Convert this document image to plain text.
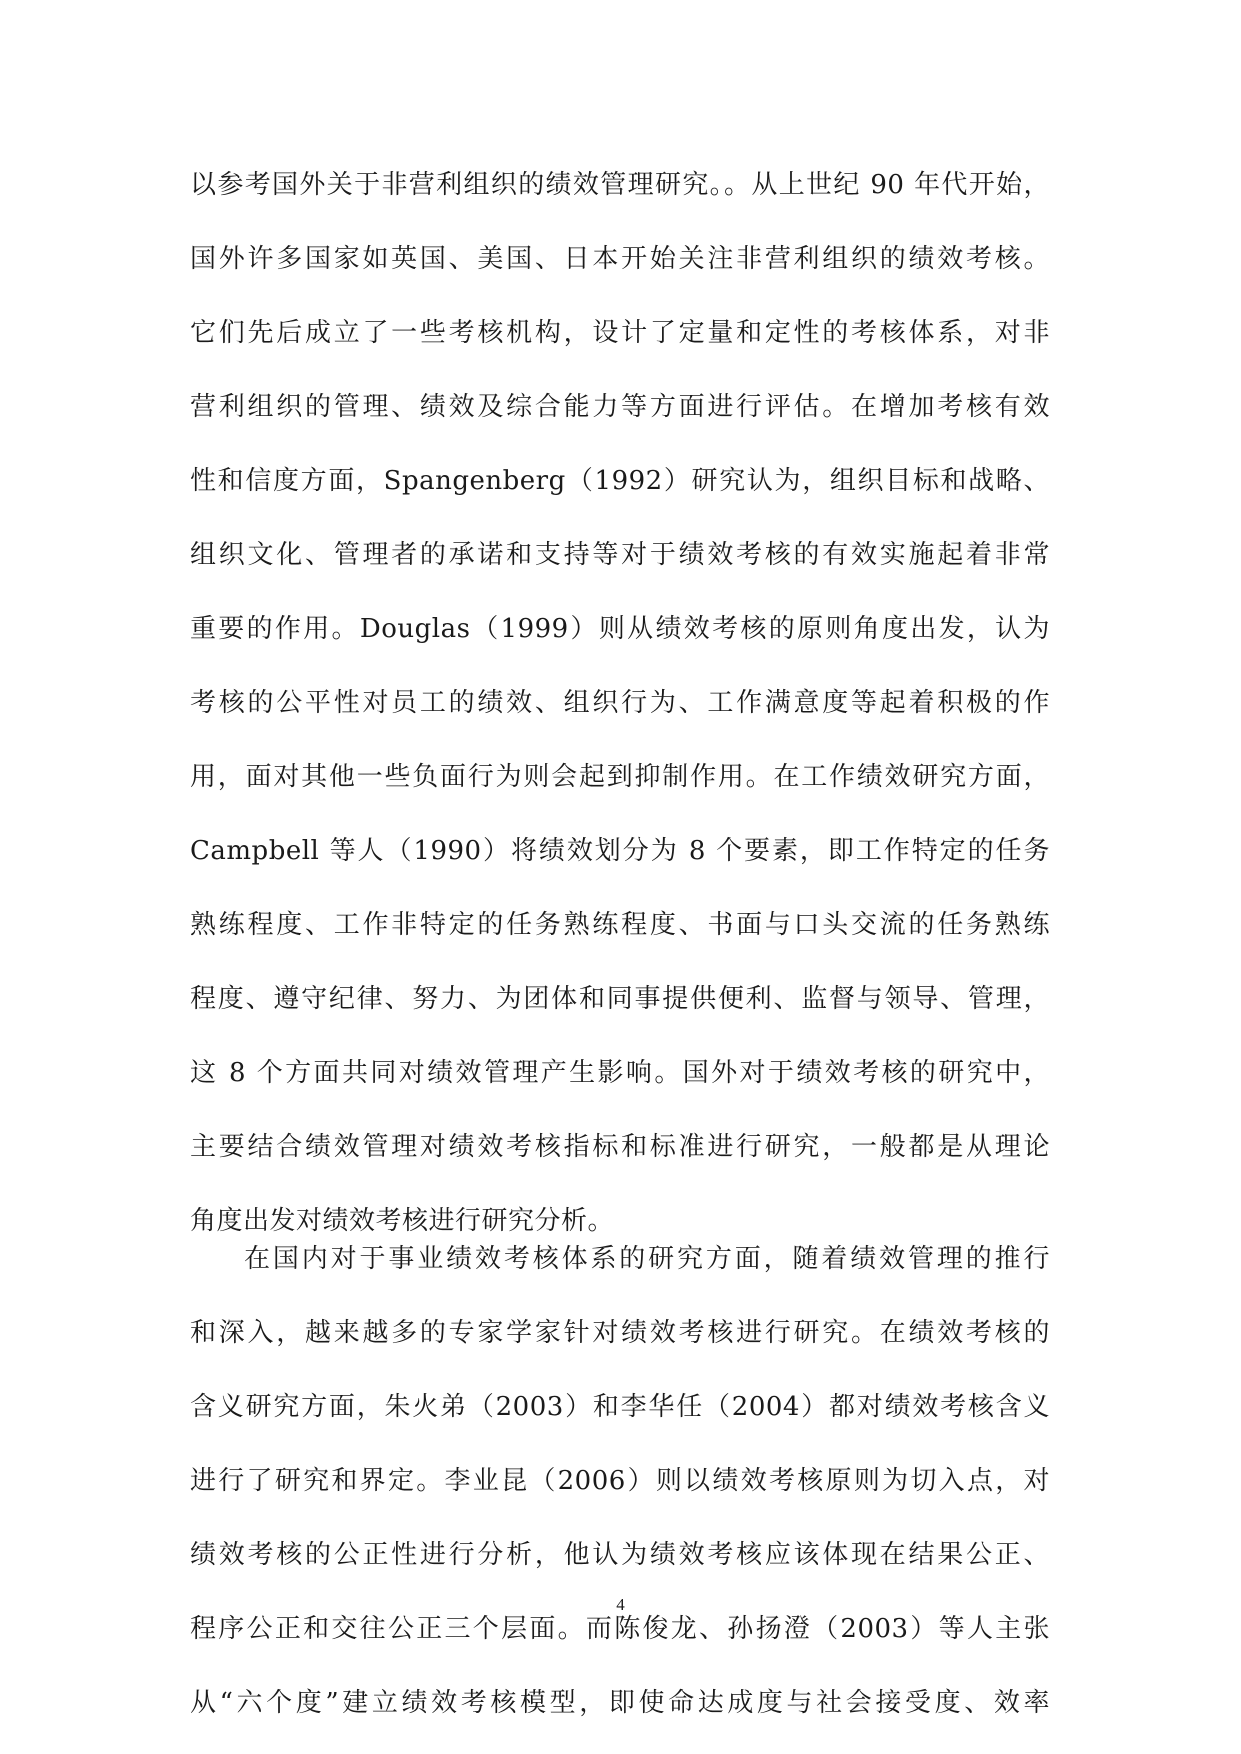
以参考国外关于非营利组织的绩效管理研究。。从上世纪 90 年代开始，
国外许多国家如英国、美国、日本开始关注非营利组织的绩效考核。
它们先后成立了一些考核机构，设计了定量和定性的考核体系，对非
营利组织的管理、绩效及综合能力等方面进行评估。在增加考核有效
性和信度方面，Spangenberg（1992）研究认为，组织目标和战略、
组织文化、管理者的承诺和支持等对于绩效考核的有效实施起着非常
重要的作用。Douglas（1999）则从绩效考核的原则角度出发，认为
考核的公平性对员工的绩效、组织行为、工作满意度等起着积极的作
用，面对其他一些负面行为则会起到抑制作用。在工作绩效研究方面，
Campbell 等人（1990）将绩效划分为 8 个要素，即工作特定的任务
熟练程度、工作非特定的任务熟练程度、书面与口头交流的任务熟练
程度、遵守纪律、努力、为团体和同事提供便利、监督与领导、管理，
这 8 个方面共同对绩效管理产生影响。国外对于绩效考核的研究中，
主要结合绩效管理对绩效考核指标和标准进行研究，一般都是从理论
角度出发对绩效考核进行研究分析。
在国内对于事业绩效考核体系的研究方面，随着绩效管理的推行
和深入，越来越多的专家学家针对绩效考核进行研究。在绩效考核的
含义研究方面，朱火弟（2003）和李华任（2004）都对绩效考核含义
进行了研究和界定。李业昆（2006）则以绩效考核原则为切入点，对
绩效考核的公正性进行分析，他认为绩效考核应该体现在结果公正、
程序公正和交往公正三个层面。而陈俊龙、孙扬澄（2003）等人主张
从“六个度”建立绩效考核模型，即使命达成度与社会接受度、效率
4
